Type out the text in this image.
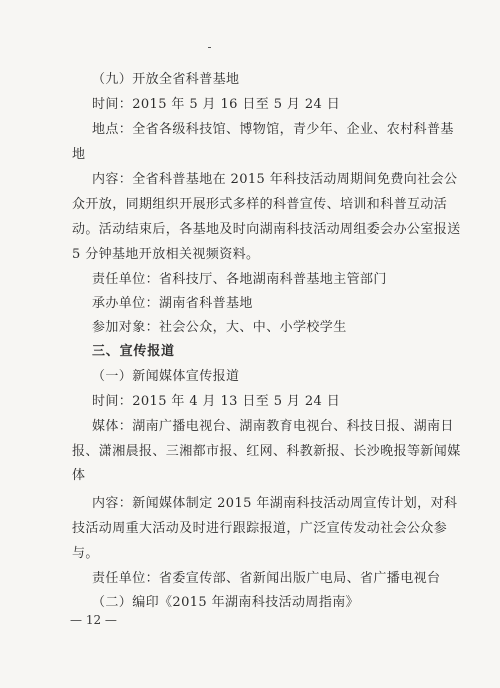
（九）开放全省科普基地
时间：2015 年 5 月 16 日至 5 月 24 日
地点：全省各级科技馆、博物馆，青少年、企业、农村科普基
地
内容：全省科普基地在 2015 年科技活动周期间免费向社会公
众开放，同期组织开展形式多样的科普宣传、培训和科普互动活
动。活动结束后，各基地及时向湖南科技活动周组委会办公室报送
5 分钟基地开放相关视频资料。
责任单位：省科技厅、各地湖南科普基地主管部门
承办单位：湖南省科普基地
参加对象：社会公众，大、中、小学校学生
三、宣传报道
（一）新闻媒体宣传报道
时间：2015 年 4 月 13 日至 5 月 24 日
媒体：湖南广播电视台、湖南教育电视台、科技日报、湖南日
报、潇湘晨报、三湘都市报、红网、科教新报、长沙晚报等新闻媒
体
内容：新闻媒体制定 2015 年湖南科技活动周宣传计划，对科
技活动周重大活动及时进行跟踪报道，广泛宣传发动社会公众参
与。
责任单位：省委宣传部、省新闻出版广电局、省广播电视台
（二）编印《2015 年湖南科技活动周指南》
— 12 —
